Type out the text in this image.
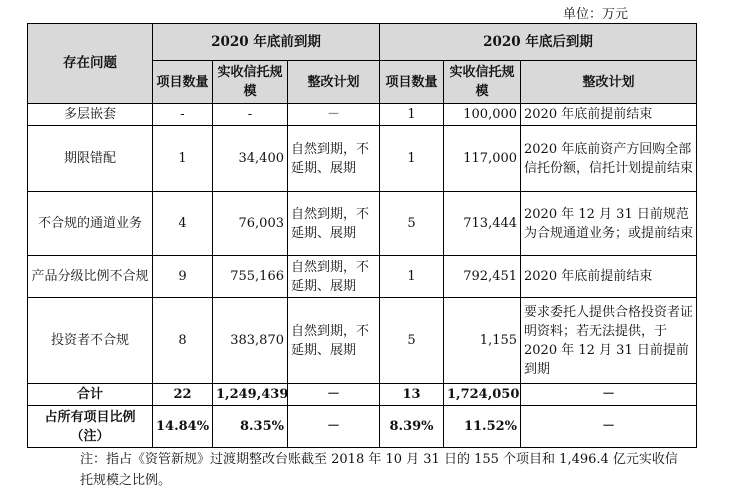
单位：万元
存在问题	2020 年底前到期			2020 年底后到期		
	项目数量	实收信托规模	整改计划	项目数量	实收信托规模	整改计划
多层嵌套	-	-	－	1	100,000	2020 年底前提前结束
期限错配	1	34,400	自然到期，不延期、展期	1	117,000	2020 年底前资产方回购全部信托份额，信托计划提前结束
不合规的通道业务	4	76,003	自然到期，不延期、展期	5	713,444	2020 年 12 月 31 日前规范为合规通道业务；或提前结束
产品分级比例不合规	9	755,166	自然到期，不延期、展期	1	792,451	2020 年底前提前结束
投资者不合规	8	383,870	自然到期，不延期、展期	5	1,155	要求委托人提供合格投资者证明资料；若无法提供，于 2020 年 12 月 31 日前提前到期
合计	22	1,249,439	－	13	1,724,050	－
占所有项目比例（注）	14.84%	8.35%	－	8.39%	11.52%	－
注：指占《资管新规》过渡期整改台账截至 2018 年 10 月 31 日的 155 个项目和 1,496.4 亿元实收信托规模之比例。
